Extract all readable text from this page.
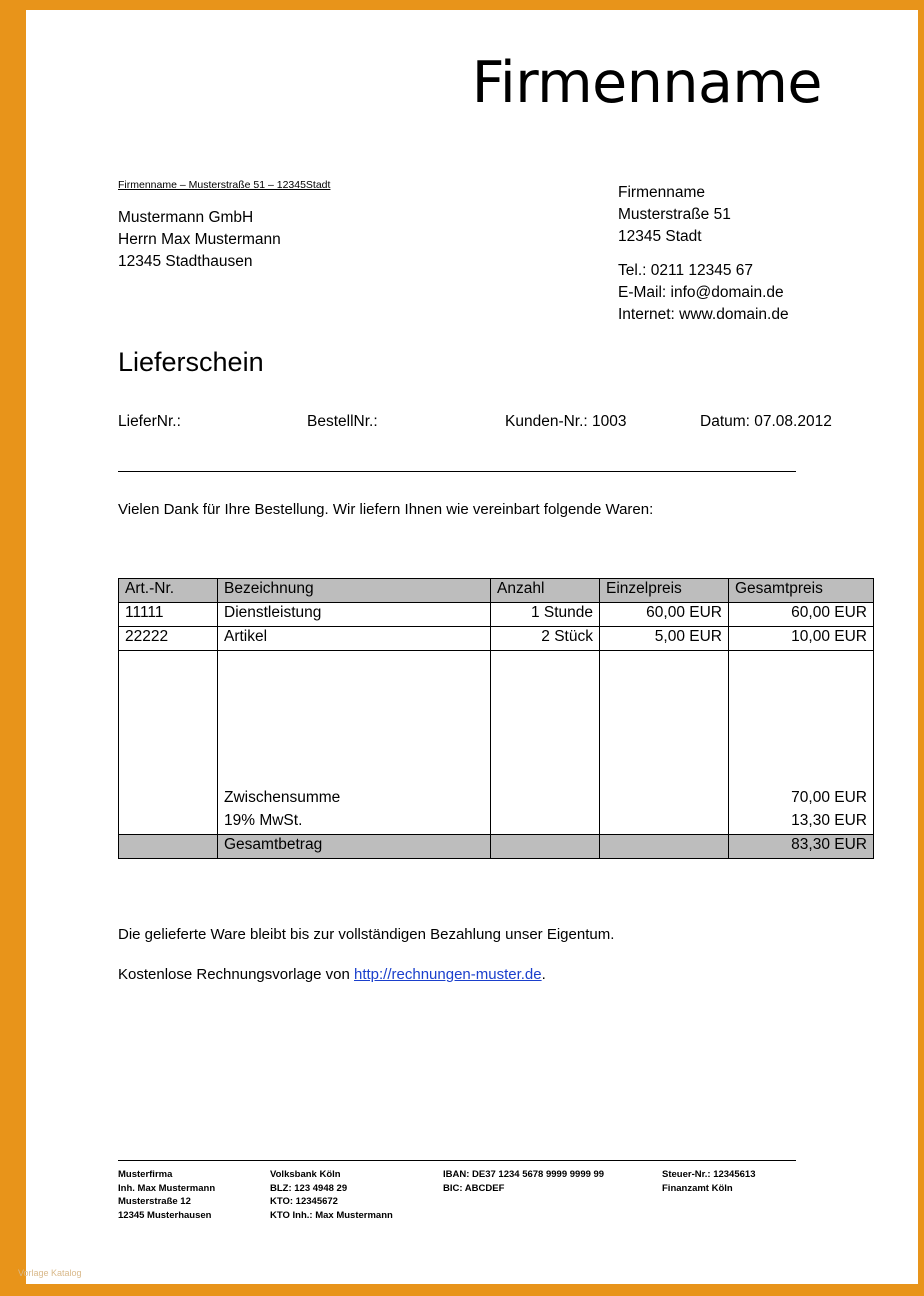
Firmenname
Firmenname – Musterstraße 51 – 12345Stadt
Mustermann GmbH
Herrn Max Mustermann
12345 Stadthausen
Firmenname
Musterstraße 51
12345 Stadt
Tel.: 0211 12345 67
E-Mail: info@domain.de
Internet: www.domain.de
Lieferschein
LieferNr.:	BestellNr.:	Kunden-Nr.: 1003	Datum: 07.08.2012
Vielen Dank für Ihre Bestellung. Wir liefern Ihnen wie vereinbart folgende Waren:
Art.-Nr.	Bezeichnung	Anzahl	Einzelpreis	Gesamtpreis
11111	Dienstleistung	1 Stunde	60,00 EUR	60,00 EUR
22222	Artikel	2 Stück	5,00 EUR	10,00 EUR

	Zwischensumme			70,00 EUR
	19% MwSt.			13,30 EUR
	Gesamtbetrag			83,30 EUR
Die gelieferte Ware bleibt bis zur vollständigen Bezahlung unser Eigentum.
Kostenlose Rechnungsvorlage von http://rechnungen-muster.de.
Musterfirma
Inh. Max Mustermann
Musterstraße 12
12345 Musterhausen
Volksbank Köln
BLZ: 123 4948 29
KTO: 12345672
KTO Inh.: Max Mustermann
IBAN: DE37 1234 5678 9999 9999 99
BIC: ABCDEF
Steuer-Nr.: 12345613
Finanzamt Köln
Vorlage Katalog
